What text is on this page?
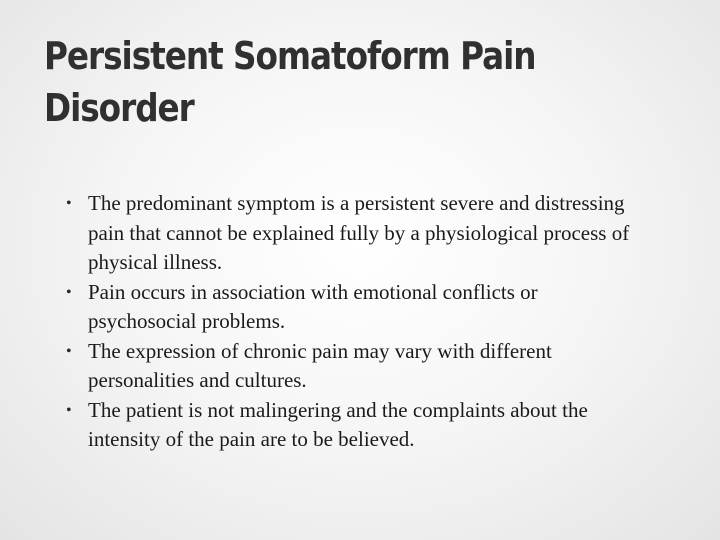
Persistent Somatoform Pain Disorder
• The predominant symptom is a persistent severe and distressing pain that cannot be explained fully by a physiological process of physical illness.
• Pain occurs in association with emotional conflicts or psychosocial problems.
• The expression of chronic pain may vary with different personalities and cultures.
• The patient is not malingering and the complaints about the intensity of the pain are to be believed.
